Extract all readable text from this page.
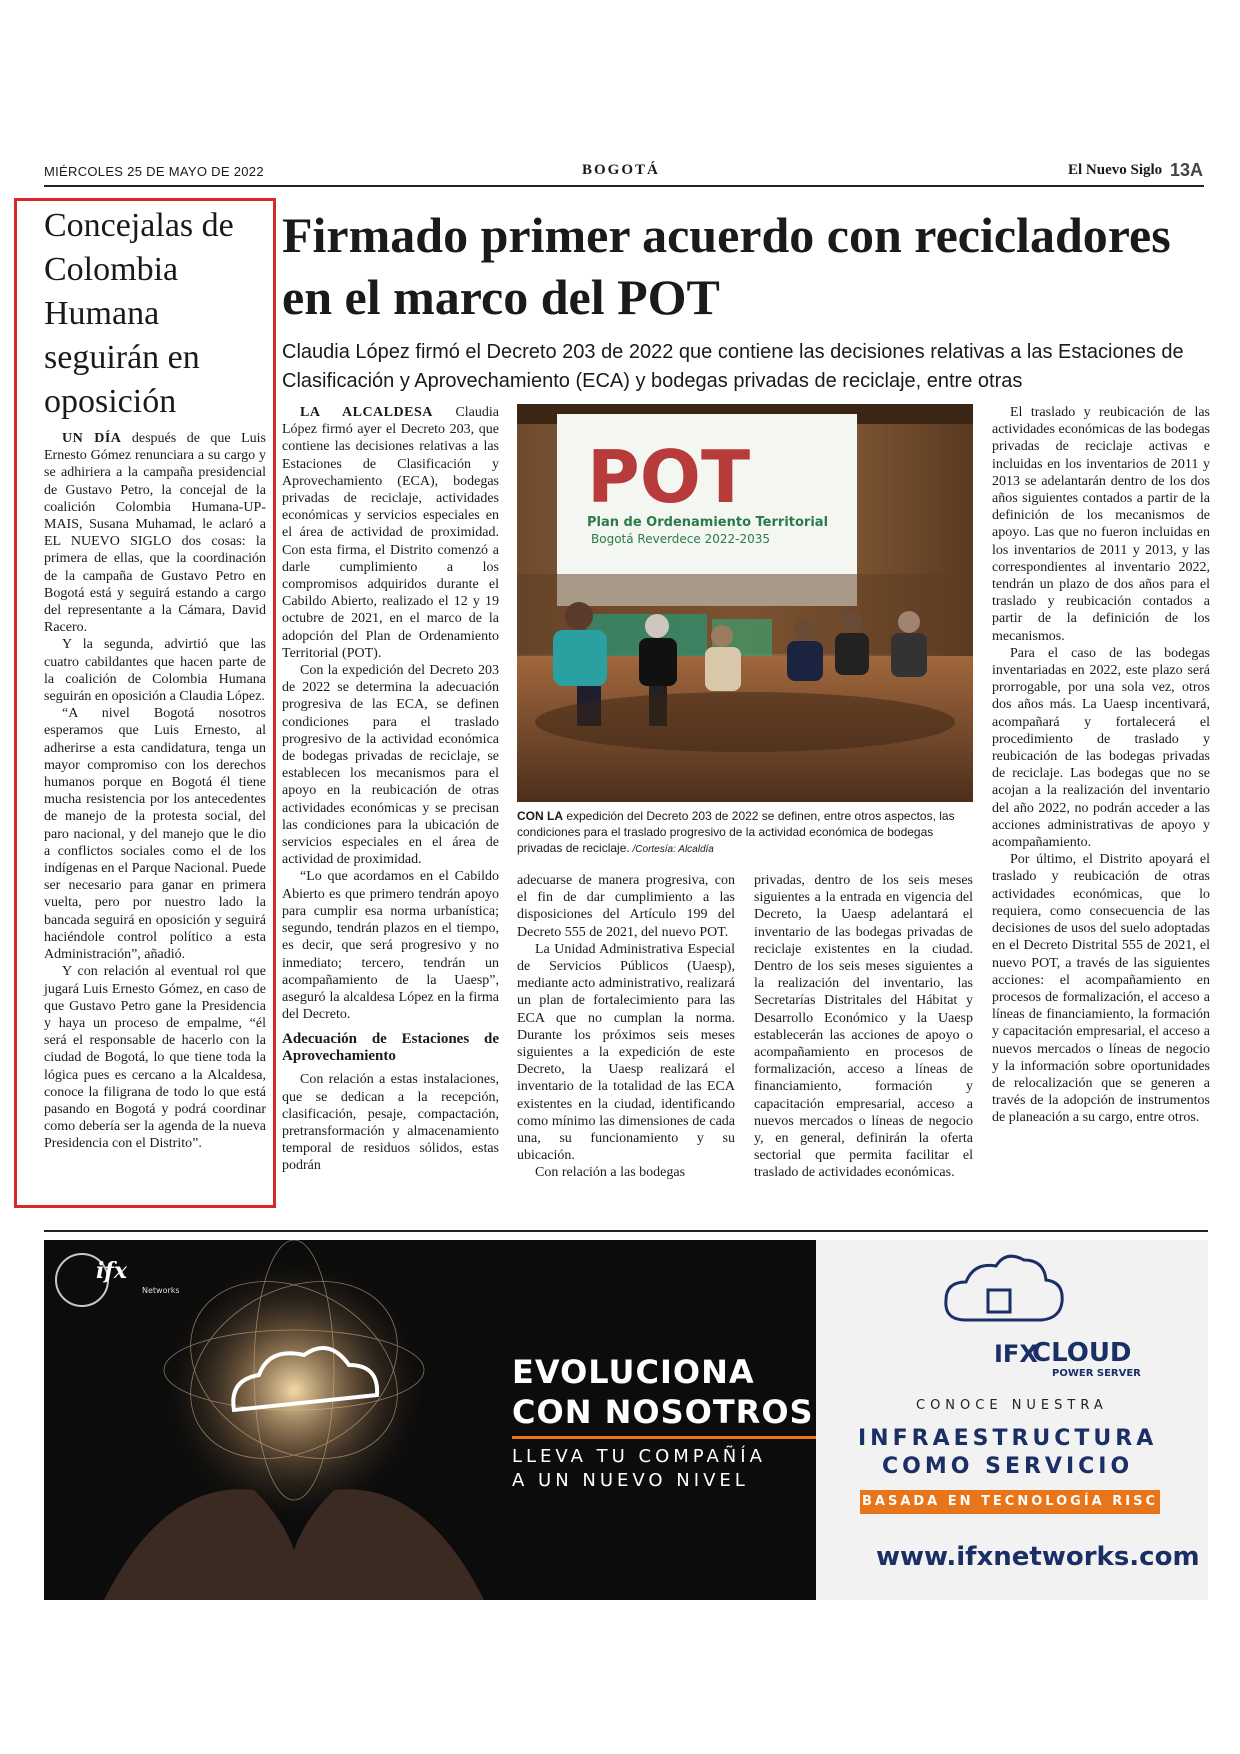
MIÉRCOLES 25 DE MAYO DE 2022	BOGOTÁ	El Nuevo Siglo 13A
Concejalas de Colombia Humana seguirán en oposición

UN DÍA después de que Luis Ernesto Gómez renunciara a su cargo y se adhiriera a la campaña presidencial de Gustavo Petro, la concejal de la coalición Colombia Humana-UP-MAIS, Susana Muhamad, le aclaró a EL NUEVO SIGLO dos cosas: la primera de ellas, que la coordinación de la campaña de Gustavo Petro en Bogotá está y seguirá estando a cargo del representante a la Cámara, David Racero.

Y la segunda, advirtió que las cuatro cabildantes que hacen parte de la coalición de Colombia Humana seguirán en oposición a Claudia López.

“A nivel Bogotá nosotros esperamos que Luis Ernesto, al adherirse a esta candidatura, tenga un mayor compromiso con los derechos humanos porque en Bogotá él tiene mucha resistencia por los antecedentes de manejo de la protesta social, del paro nacional, y del manejo que le dio a conflictos sociales como el de los indígenas en el Parque Nacional. Puede ser necesario para ganar en primera vuelta, pero por nuestro lado la bancada seguirá en oposición y seguirá haciéndole control político a esta Administración”, añadió.

Y con relación al eventual rol que jugará Luis Ernesto Gómez, en caso de que Gustavo Petro gane la Presidencia y haya un proceso de empalme, “él será el responsable de hacerlo con la ciudad de Bogotá, lo que tiene toda la lógica pues es cercano a la Alcaldesa, conoce la filigrana de todo lo que está pasando en Bogotá y podrá coordinar como debería ser la agenda de la nueva Presidencia con el Distrito”.

Firmado primer acuerdo con recicladores en el marco del POT
Claudia López firmó el Decreto 203 de 2022 que contiene las decisiones relativas a las Estaciones de Clasificación y Aprovechamiento (ECA) y bodegas privadas de reciclaje, entre otras

LA ALCALDESA Claudia López firmó ayer el Decreto 203, que contiene las decisiones relativas a las Estaciones de Clasificación y Aprovechamiento (ECA), bodegas privadas de reciclaje, actividades económicas y servicios especiales en el área de actividad de proximidad. Con esta firma, el Distrito comenzó a darle cumplimiento a los compromisos adquiridos durante el Cabildo Abierto, realizado el 12 y 19 octubre de 2021, en el marco de la adopción del Plan de Ordenamiento Territorial (POT).

Con la expedición del Decreto 203 de 2022 se determina la adecuación progresiva de las ECA, se definen condiciones para el traslado progresivo de la actividad económica de bodegas privadas de reciclaje, se establecen los mecanismos para el apoyo en la reubicación de otras actividades económicas y se precisan las condiciones para la ubicación de servicios especiales en el área de actividad de proximidad.

“Lo que acordamos en el Cabildo Abierto es que primero tendrán apoyo para cumplir esa norma urbanística; segundo, tendrán plazos en el tiempo, es decir, que será progresivo y no inmediato; tercero, tendrán un acompañamiento de la Uaesp”, aseguró la alcaldesa López en la firma del Decreto.

Adecuación de Estaciones de Aprovechamiento

Con relación a estas instalaciones, que se dedican a la recepción, clasificación, pesaje, compactación, pretransformación y almacenamiento temporal de residuos sólidos, estas podrán

POT
Plan de Ordenamiento Territorial
Bogotá Reverdece 2022-2035
CON LA expedición del Decreto 203 de 2022 se definen, entre otros aspectos, las condiciones para el traslado progresivo de la actividad económica de bodegas privadas de reciclaje. /Cortesía: Alcaldía

adecuarse de manera progresiva, con el fin de dar cumplimiento a las disposiciones del Artículo 199 del Decreto 555 de 2021, del nuevo POT.

La Unidad Administrativa Especial de Servicios Públicos (Uaesp), mediante acto administrativo, realizará un plan de fortalecimiento para las ECA que no cumplan la norma. Durante los próximos seis meses siguientes a la expedición de este Decreto, la Uaesp realizará el inventario de la totalidad de las ECA existentes en la ciudad, identificando como mínimo las dimensiones de cada una, su funcionamiento y su ubicación.

Con relación a las bodegas

privadas, dentro de los seis meses siguientes a la entrada en vigencia del Decreto, la Uaesp adelantará el inventario de las bodegas privadas de reciclaje existentes en la ciudad. Dentro de los seis meses siguientes a la realización del inventario, las Secretarías Distritales del Hábitat y Desarrollo Económico y la Uaesp establecerán las acciones de apoyo o acompañamiento en procesos de formalización, acceso a líneas de financiamiento, formación y capacitación empresarial, acceso a nuevos mercados o líneas de negocio y, en general, definirán la oferta sectorial que permita facilitar el traslado de actividades económicas.

El traslado y reubicación de las actividades económicas de las bodegas privadas de reciclaje activas e incluidas en los inventarios de 2011 y 2013 se adelantarán dentro de los dos años siguientes contados a partir de la definición de los mecanismos de apoyo. Las que no fueron incluidas en los inventarios de 2011 y 2013, y las correspondientes al inventario 2022, tendrán un plazo de dos años para el traslado y reubicación contados a partir de la definición de los mecanismos.

Para el caso de las bodegas inventariadas en 2022, este plazo será prorrogable, por una sola vez, otros dos años más. La Uaesp incentivará, acompañará y fortalecerá el procedimiento de traslado y reubicación de las bodegas privadas de reciclaje. Las bodegas que no se acojan a la realización del inventario del año 2022, no podrán acceder a las acciones administrativas de apoyo y acompañamiento.

Por último, el Distrito apoyará el traslado y reubicación de otras actividades económicas, que lo requiera, como consecuencia de las decisiones de usos del suelo adoptadas en el Decreto Distrital 555 de 2021, el nuevo POT, a través de las siguientes acciones: el acompañamiento en procesos de formalización, el acceso a líneas de financiamiento, la formación y capacitación empresarial, el acceso a nuevos mercados o líneas de negocio y la información sobre oportunidades de relocalización que se generen a través de la adopción de instrumentos de planeación a su cargo, entre otros.

ifx
Networks
EVOLUCIONA
CON NOSOTROS
LLEVA TU COMPAÑÍA
A UN NUEVO NIVEL
IFX
CLOUD
POWER SERVER
CONOCE NUESTRA
INFRAESTRUCTURA
COMO SERVICIO
BASADA EN TECNOLOGÍA RISC
www.ifxnetworks.com
